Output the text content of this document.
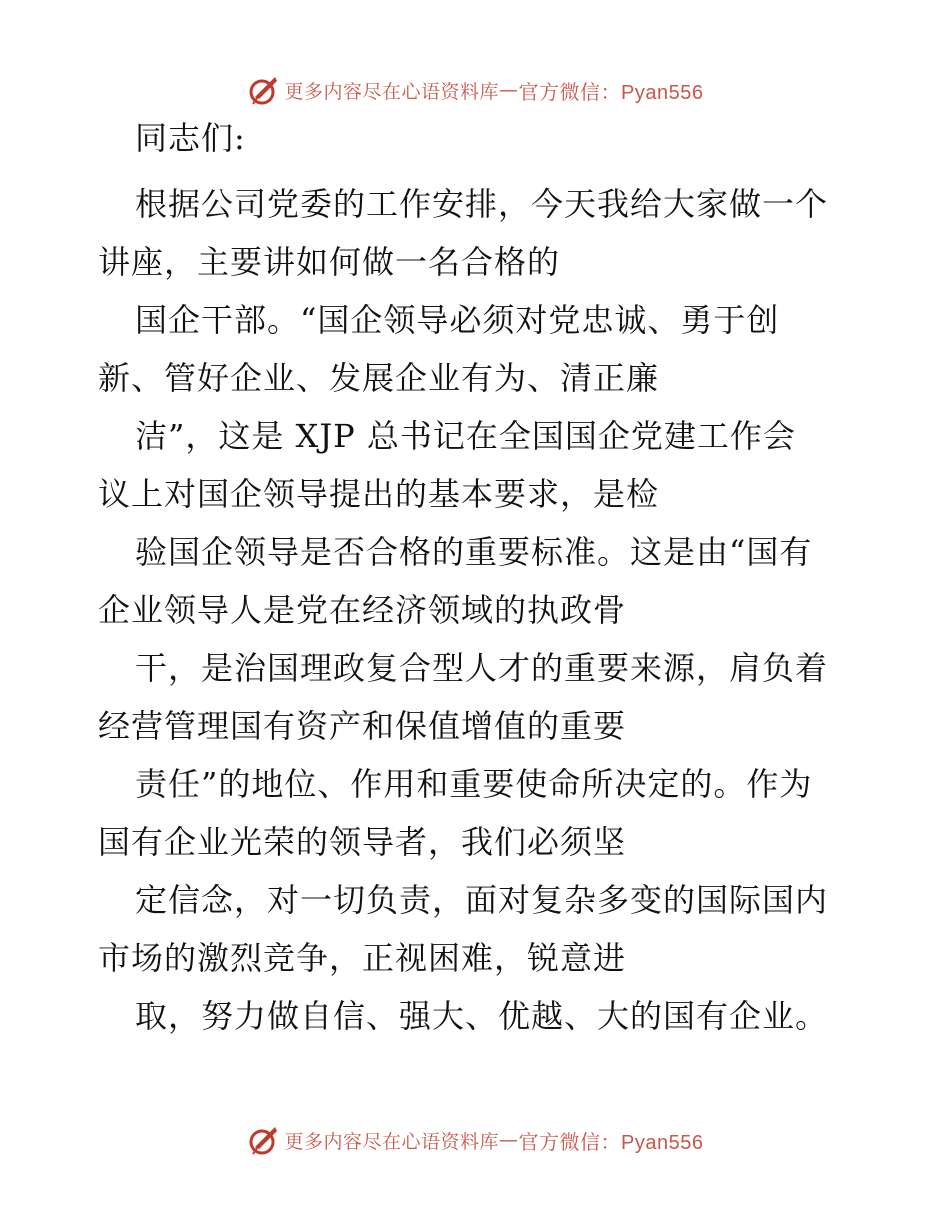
更多内容尽在心语资料库 — 官方微信：Pyan556
同志们:
根据公司党委的工作安排，今天我给大家做一个
讲座，主要讲如何做一名合格的
国企干部。“国企领导必须对党忠诚、勇于创
新、管好企业、发展企业有为、清正廉
洁”，这是 XJP 总书记在全国国企党建工作会
议上对国企领导提出的基本要求，是检
验国企领导是否合格的重要标准。这是由“国有
企业领导人是党在经济领域的执政骨
干，是治国理政复合型人才的重要来源，肩负着
经营管理国有资产和保值增值的重要
责任”的地位、作用和重要使命所决定的。作为
国有企业光荣的领导者，我们必须坚
定信念，对一切负责，面对复杂多变的国际国内
市场的激烈竞争，正视困难，锐意进
取，努力做自信、强大、优越、大的国有企业。
更多内容尽在心语资料库 — 官方微信：Pyan556
